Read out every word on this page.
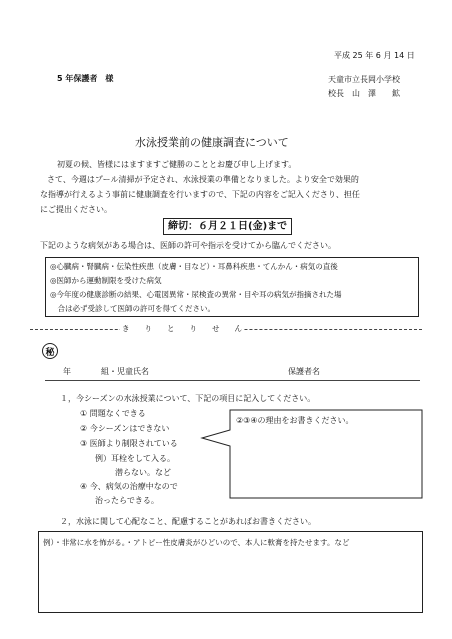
平成 25 年 6 月 14 日
5 年保護者　様	天童市立長岡小学校
校長　山　澤　　鉱
水泳授業前の健康調査について
初夏の候、皆様にはますますご健勝のこととお慶び申し上げます。
さて、今週はプール清掃が予定され、水泳授業の準備となりました。より安全で効果的
な指導が行えるよう事前に健康調査を行いますので、下記の内容をご記入くださり、担任
にご提出ください。
締切：６月２１日(金)まで
下記のような病気がある場合は、医師の許可や指示を受けてから臨んでください。
◎心臓病・腎臓病・伝染性疾患（皮膚・目など）・耳鼻科疾患・てんかん・病気の直後
◎医師から運動制限を受けた病気
◎今年度の健康診断の結果、心電図異常・尿検査の異常・目や耳の病気が指摘された場
　合は必ず受診して医師の許可を得てください。
き　　り　　と　　り　　せ　　ん
秘
年	組・児童氏名	保護者名
１，今シーズンの水泳授業について、下記の項目に記入してください。
① 問題なくできる
② 今シーズンはできない
③ 医師より制限されている
例）耳栓をして入る。
潜らない。など
④ 今、病気の治療中なので
治ったらできる。
②③④の理由をお書きください。
２，水泳に関して心配なこと、配慮することがあればお書きください。
例）・非常に水を怖がる。・アトピー性皮膚炎がひどいので、本人に軟膏を持たせます。など
